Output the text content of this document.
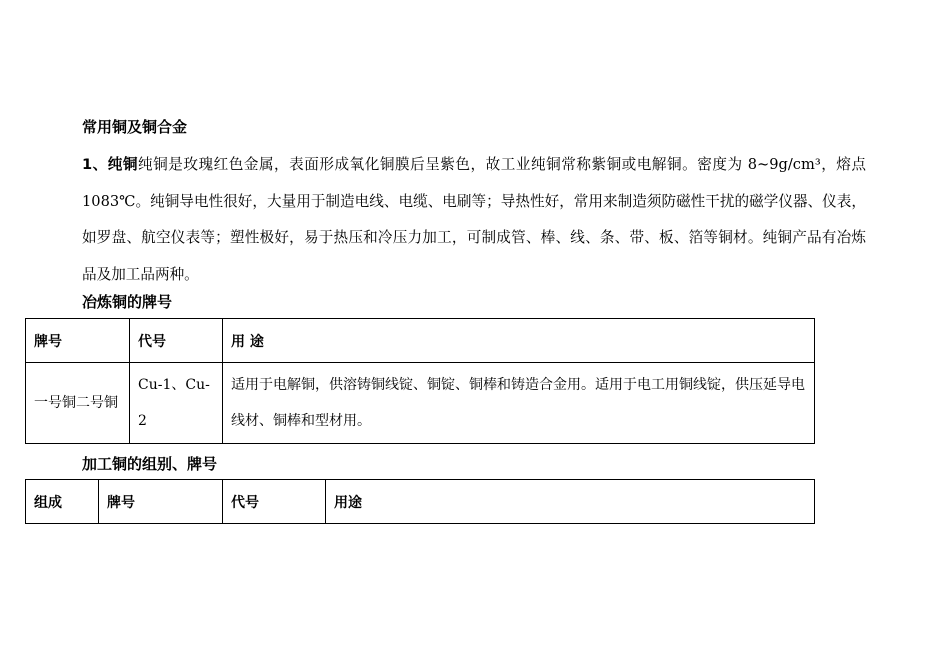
常用铜及铜合金
1、纯铜纯铜是玫瑰红色金属，表面形成氧化铜膜后呈紫色，故工业纯铜常称紫铜或电解铜。密度为 8~9g/cm³，熔点 1083℃。纯铜导电性很好，大量用于制造电线、电缆、电刷等；导热性好，常用来制造须防磁性干扰的磁学仪器、仪表，如罗盘、航空仪表等；塑性极好，易于热压和冷压力加工，可制成管、棒、线、条、带、板、箔等铜材。纯铜产品有冶炼品及加工品两种。
冶炼铜的牌号
牌号	代号	用 途
一号铜二号铜	Cu-1、Cu-2	适用于电解铜，供溶铸铜线锭、铜锭、铜棒和铸造合金用。适用于电工用铜线锭，供压延导电线材、铜棒和型材用。
加工铜的组别、牌号
组成	牌号	代号	用途
